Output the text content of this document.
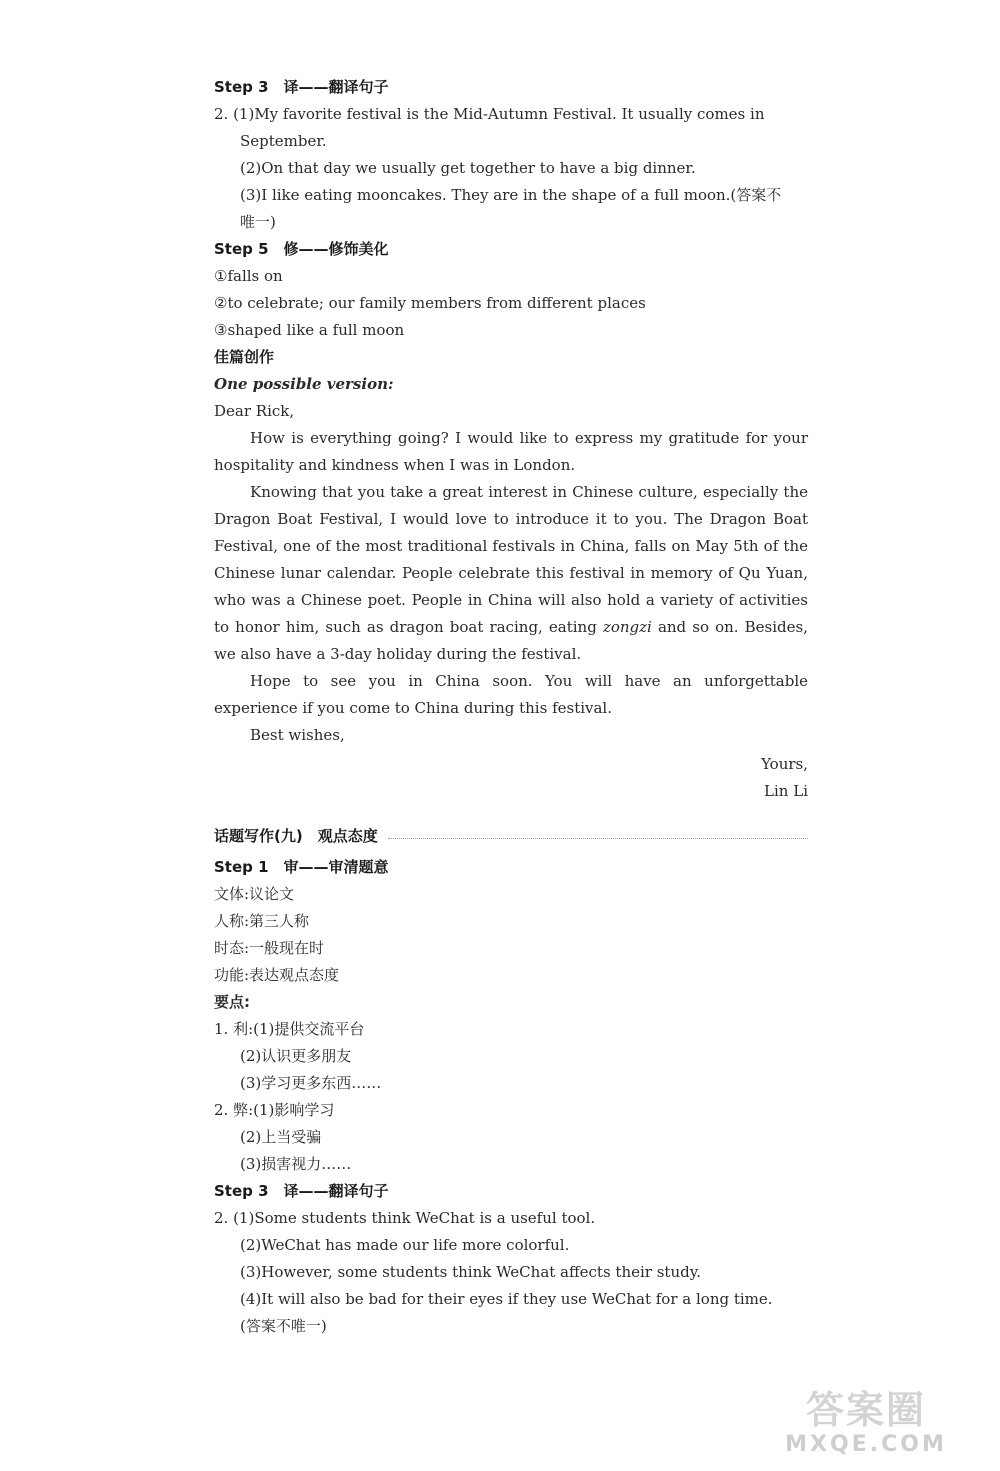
Step 3　译——翻译句子
2. (1)My favorite festival is the Mid-Autumn Festival. It usually comes in
September.
(2)On that day we usually get together to have a big dinner.
(3)I like eating mooncakes. They are in the shape of a full moon.(答案不
唯一)
Step 5　修——修饰美化
①falls on
②to celebrate; our family members from different places
③shaped like a full moon
佳篇创作
One possible version:
Dear Rick,
How is everything going? I would like to express my gratitude for your hospitality and kindness when I was in London.
Knowing that you take a great interest in Chinese culture, especially the Dragon Boat Festival, I would love to introduce it to you. The Dragon Boat Festival, one of the most traditional festivals in China, falls on May 5th of the Chinese lunar calendar. People celebrate this festival in memory of Qu Yuan, who was a Chinese poet. People in China will also hold a variety of activities to honor him, such as dragon boat racing, eating zongzi and so on. Besides, we also have a 3-day holiday during the festival.
Hope to see you in China soon. You will have an unforgettable experience if you come to China during this festival.
Best wishes,
Yours,
Lin Li
话题写作(九)　观点态度
Step 1　审——审清题意
文体:议论文
人称:第三人称
时态:一般现在时
功能:表达观点态度
要点:
1. 利:(1)提供交流平台
(2)认识更多朋友
(3)学习更多东西……
2. 弊:(1)影响学习
(2)上当受骗
(3)损害视力……
Step 3　译——翻译句子
2. (1)Some students think WeChat is a useful tool.
(2)WeChat has made our life more colorful.
(3)However, some students think WeChat affects their study.
(4)It will also be bad for their eyes if they use WeChat for a long time.
(答案不唯一)
答案圈
MXQE.COM
